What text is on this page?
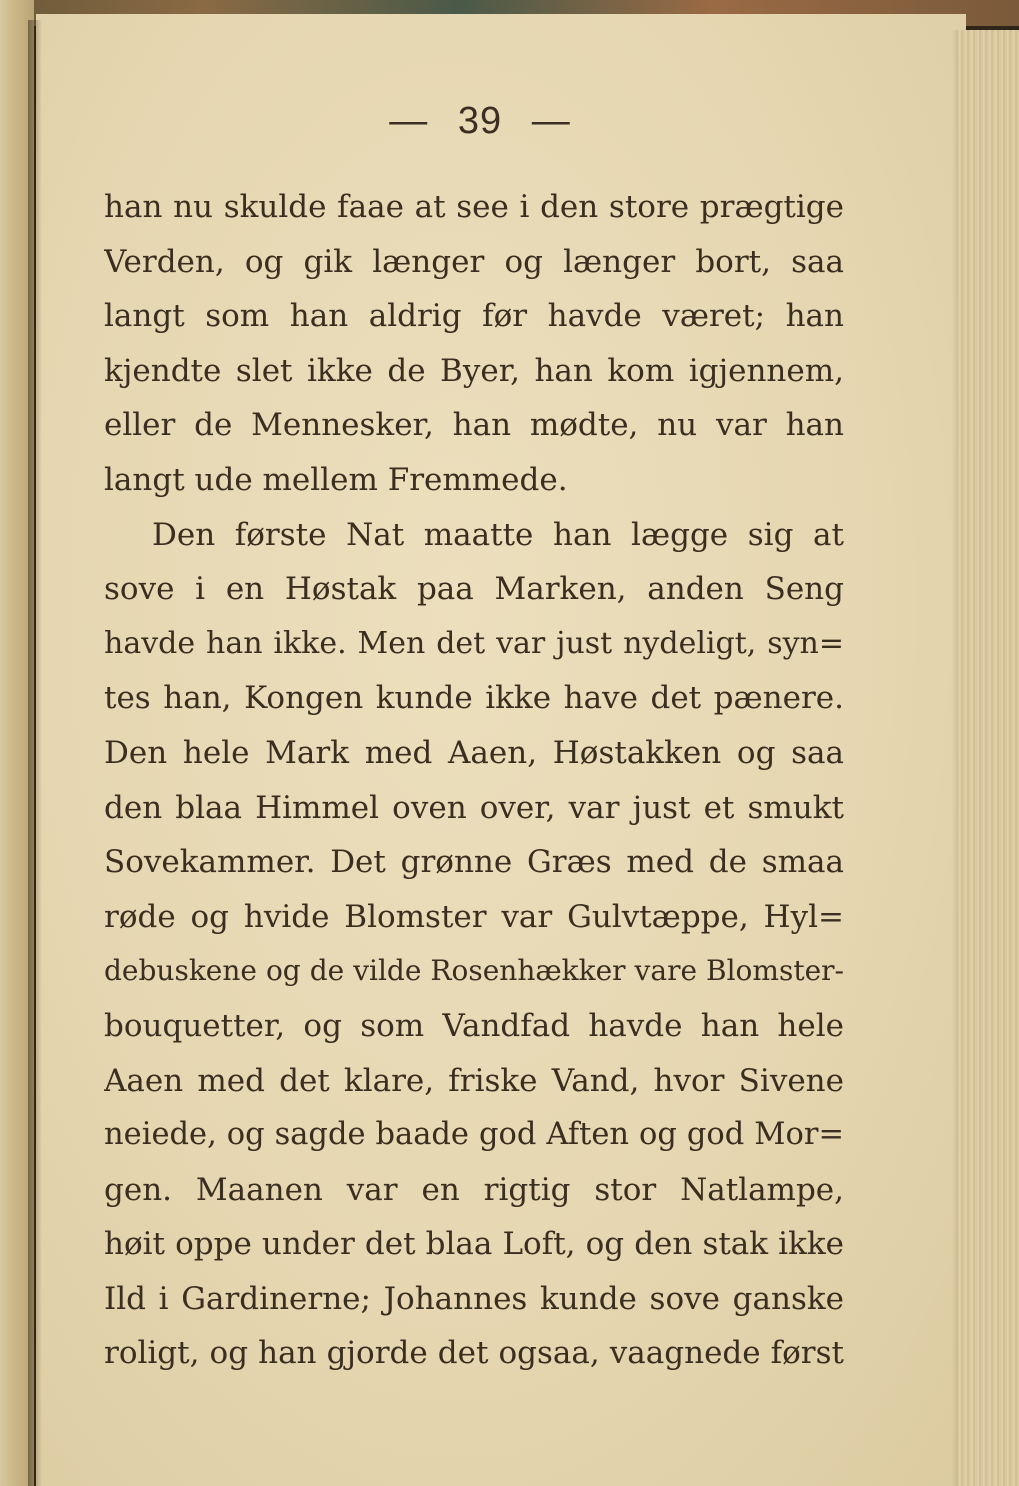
— 39 —
han nu skulde faae at see i den store prægtige
Verden, og gik længer og længer bort, saa
langt som han aldrig før havde været; han
kjendte slet ikke de Byer, han kom igjennem,
eller de Mennesker, han mødte, nu var han
langt ude mellem Fremmede.
Den første Nat maatte han lægge sig at
sove i en Høstak paa Marken, anden Seng
havde han ikke. Men det var just nydeligt, syn=
tes han, Kongen kunde ikke have det pænere.
Den hele Mark med Aaen, Høstakken og saa
den blaa Himmel oven over, var just et smukt
Sovekammer. Det grønne Græs med de smaa
røde og hvide Blomster var Gulvtæppe, Hyl=
debuskene og de vilde Rosenhækker vare Blomster-
bouquetter, og som Vandfad havde han hele
Aaen med det klare, friske Vand, hvor Sivene
neiede, og sagde baade god Aften og god Mor=
gen. Maanen var en rigtig stor Natlampe,
høit oppe under det blaa Loft, og den stak ikke
Ild i Gardinerne; Johannes kunde sove ganske
roligt, og han gjorde det ogsaa, vaagnede først
